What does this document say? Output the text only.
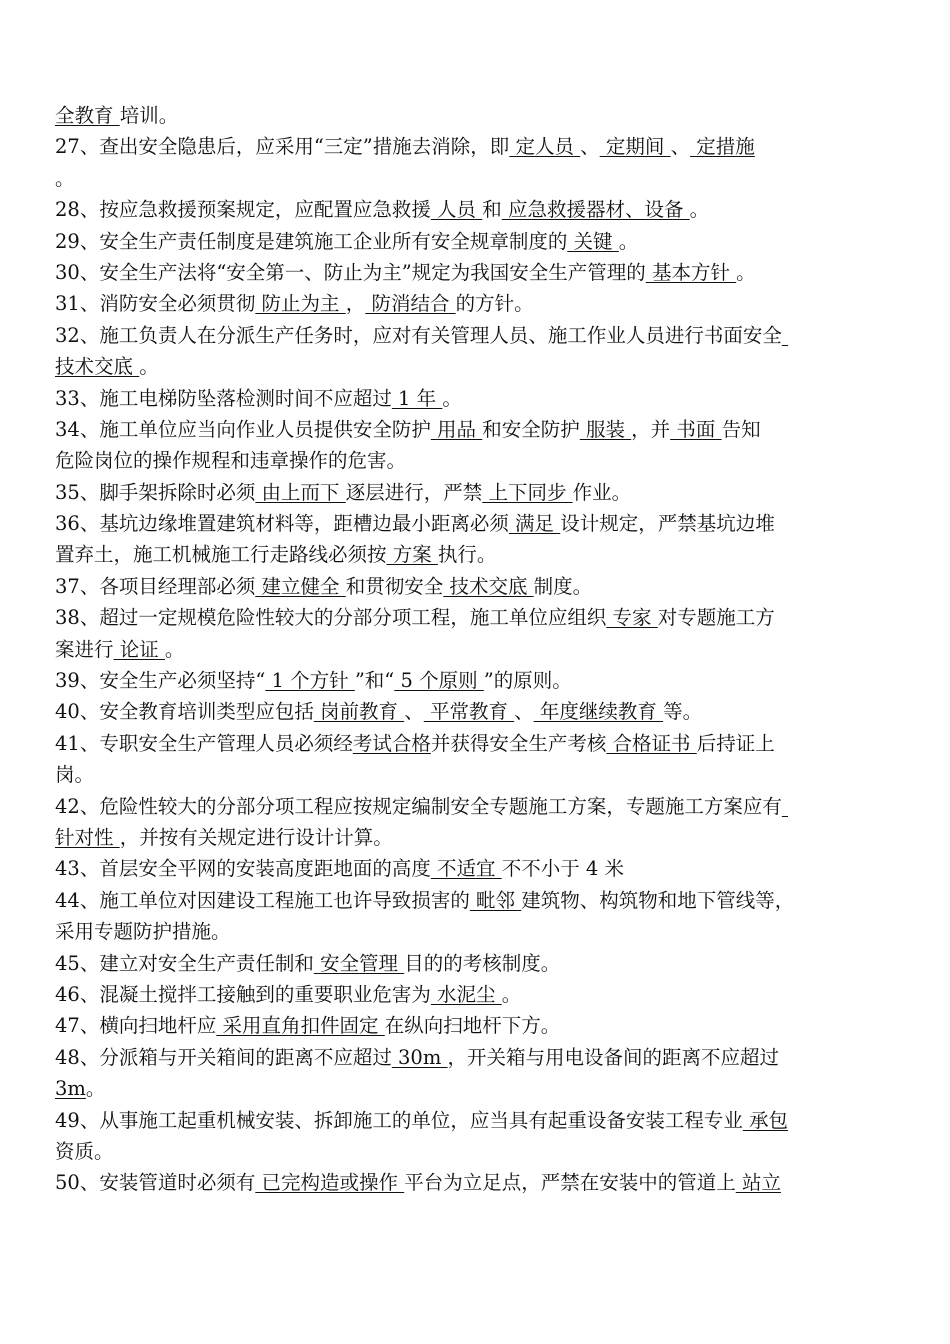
全教育 培训。
27、查出安全隐患后，应采用“三定”措施去消除，即 定人员 、 定期间 、 定措施
。
28、按应急救援预案规定，应配置应急救援 人员 和 应急救援器材、设备 。
29、安全生产责任制度是建筑施工企业所有安全规章制度的 关键 。
30、安全生产法将“安全第一、防止为主”规定为我国安全生产管理的 基本方针 。
31、消防安全必须贯彻 防止为主 ， 防消结合 的方针。
32、施工负责人在分派生产任务时，应对有关管理人员、施工作业人员进行书面安全
技术交底 。
33、施工电梯防坠落检测时间不应超过 1 年 。
34、施工单位应当向作业人员提供安全防护 用品 和安全防护 服装 ，并 书面 告知
危险岗位的操作规程和违章操作的危害。
35、脚手架拆除时必须 由上而下 逐层进行，严禁 上下同步 作业。
36、基坑边缘堆置建筑材料等，距槽边最小距离必须 满足 设计规定，严禁基坑边堆
置弃土，施工机械施工行走路线必须按 方案 执行。
37、各项目经理部必须 建立健全 和贯彻安全 技术交底 制度。
38、超过一定规模危险性较大的分部分项工程，施工单位应组织 专家 对专题施工方
案进行 论证 。
39、安全生产必须坚持“ 1 个方针 ”和“ 5 个原则 ”的原则。
40、安全教育培训类型应包括 岗前教育 、 平常教育 、 年度继续教育 等。
41、专职安全生产管理人员必须经考试合格并获得安全生产考核 合格证书 后持证上
岗。
42、危险性较大的分部分项工程应按规定编制安全专题施工方案，专题施工方案应有
针对性 ，并按有关规定进行设计计算。
43、首层安全平网的安装高度距地面的高度 不适宜 不不小于 4 米
44、施工单位对因建设工程施工也许导致损害的 毗邻 建筑物、构筑物和地下管线等，
采用专题防护措施。
45、建立对安全生产责任制和 安全管理 目的的考核制度。
46、混凝土搅拌工接触到的重要职业危害为 水泥尘 。
47、横向扫地杆应 采用直角扣件固定 在纵向扫地杆下方。
48、分派箱与开关箱间的距离不应超过 30m ，开关箱与用电设备间的距离不应超过
3m。
49、从事施工起重机械安装、拆卸施工的单位，应当具有起重设备安装工程专业 承包
资质。
50、安装管道时必须有 已完构造或操作 平台为立足点，严禁在安装中的管道上 站立
